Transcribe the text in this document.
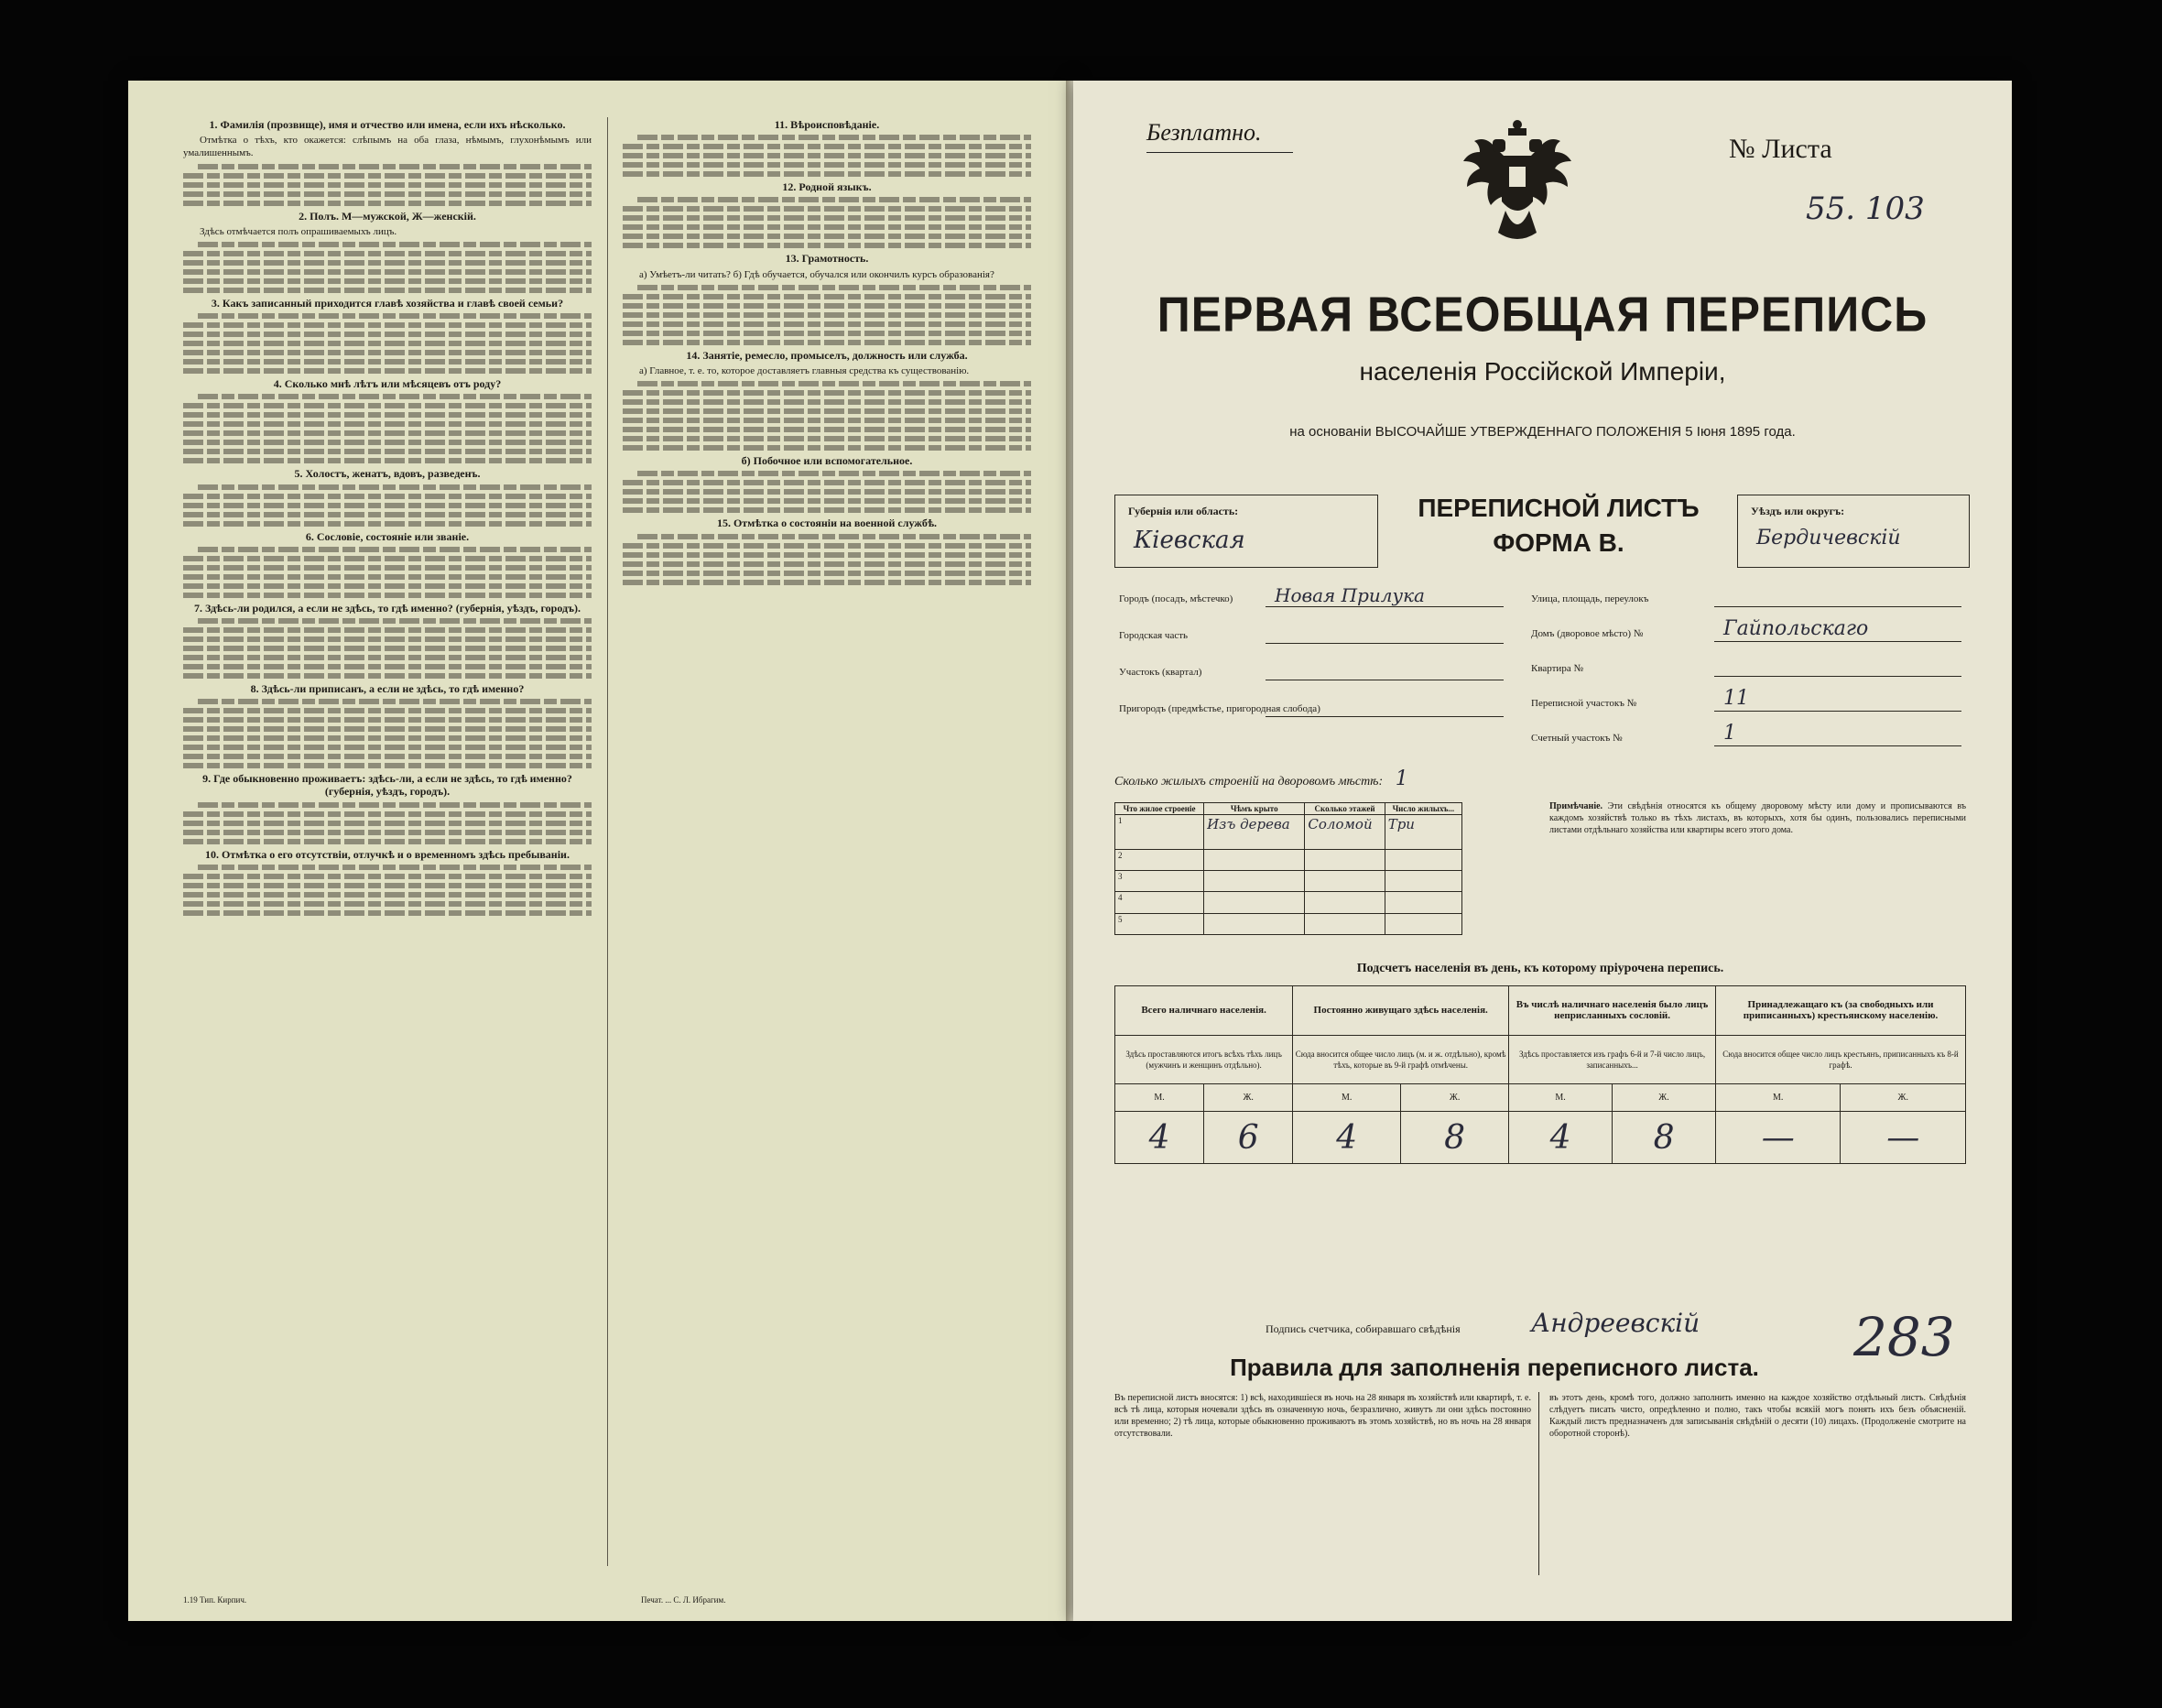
1. Фамилія (прозвище), имя и отчество или имена, если ихъ нѣсколько.
Отмѣтка о тѣхъ, кто окажется: слѣпымъ на оба глаза, нѣмымъ, глухонѣмымъ или умалишеннымъ.
2. Полъ. М—мужской, Ж—женскій.
Здѣсь отмѣчается полъ опрашиваемыхъ лицъ.
3. Какъ записанный приходится главѣ хозяйства и главѣ своей семьи?
4. Сколько мнѣ лѣтъ или мѣсяцевъ отъ роду?
5. Холостъ, женатъ, вдовъ, разведенъ.
6. Сословіе, состояніе или званіе.
7. Здѣсь-ли родился, а если не здѣсь, то гдѣ именно? (губернія, уѣздъ, городъ).
8. Здѣсь-ли приписанъ, а если не здѣсь, то гдѣ именно?
9. Где обыкновенно проживаетъ: здѣсь-ли, а если не здѣсь, то гдѣ именно? (губернія, уѣздъ, городъ).
10. Отмѣтка о его отсутствіи, отлучкѣ и о временномъ здѣсь пребываніи.
11. Вѣроисповѣданіе.
12. Родной языкъ.
13. Грамотность.
а) Умѣетъ-ли читать? б) Гдѣ обучается, обучался или окончилъ курсъ образованія?
14. Занятіе, ремесло, промыселъ, должность или служба.
а) Главное, т. е. то, которое доставляетъ главныя средства къ существованію.
б) Побочное или вспомогательное.
15. Отмѣтка о состояніи на военной службѣ.
1.19 Тип. Кирпич.	Печат. ... С. Л. Ибрагим.
Безплатно.
№ Листа
55. 103
ПЕРВАЯ ВСЕОБЩАЯ ПЕРЕПИСЬ
населенія Россійской Имперіи,
на основаніи ВЫСОЧАЙШЕ УТВЕРЖДЕННАГО ПОЛОЖЕНІЯ 5 Іюня 1895 года.
Губернія или область:
Кіевская
ПЕРЕПИСНОЙ ЛИСТЪ
ФОРМА В.
Уѣздъ или округъ:
Бердичевскій
Сколько жилыхъ строеній на дворовомъ мѣстѣ: 1
Что жилое строеніе	Чѣмъ крыто	Сколько этажей	Число жилыхъ...
1	Изъ дерева	Соломой	Три
2			
3			
4			
5			
Примѣчаніе. Эти свѣдѣнія относятся къ общему дворовому мѣсту или дому и прописываются въ каждомъ хозяйствѣ только въ тѣхъ листахъ, въ которыхъ, хотя бы одинъ, пользовались переписными листами отдѣльнаго хозяйства или квартиры всего этого дома.
Подсчетъ населенія въ день, къ которому пріурочена перепись.
Всего наличнаго населенія.		Постоянно живущаго здѣсь населенія.		Въ числѣ наличнаго населенія было лицъ неприсланныхъ сословій.		Принадлежащаго къ (за свободныхъ или приписанныхъ) крестьянскому населенію.	
Здѣсь проставляются итогъ всѣхъ тѣхъ лицъ (мужчинъ и женщинъ отдѣльно).		Сюда вносится общее число лицъ (м. и ж. отдѣльно), кромѣ тѣхъ, которые въ 9-й графѣ отмѣчены.		Здѣсь проставляется изъ графъ 6-й и 7-й число лицъ, записанныхъ...		Сюда вносится общее число лицъ крестьянъ, приписанныхъ къ 8-й графѣ.	
М.	Ж.	М.	Ж.	М.	Ж.	М.	Ж.
4	6	4	8	4	8	—	—
Подпись счетчика, собиравшаго свѣдѣнія	Андреевскій	283
Правила для заполненія переписного листа.
Въ переписной листъ вносятся: 1) всѣ, находившіеся въ ночь на 28 января въ хозяйствѣ или квартирѣ, т. е. всѣ тѣ лица, которыя ночевали здѣсь въ означенную ночь, безразлично, живутъ ли они здѣсь постоянно или временно; 2) тѣ лица, которые обыкновенно проживаютъ въ этомъ хозяйствѣ, но въ ночь на 28 января отсутствовали.
въ этотъ день, кромѣ того, должно заполнить именно на каждое хозяйство отдѣльный листъ. Свѣдѣнія слѣдуетъ писать чисто, опредѣленно и полно, такъ чтобы всякій могъ понять ихъ безъ объясненій. Каждый листъ предназначенъ для записыванія свѣдѣній о десяти (10) лицахъ. (Продолженіе смотрите на оборотной сторонѣ).
Городъ (посадъ, мѣстечко) Новая Прилука
Городская часть
Участокъ (квартал)
Пригородъ (предмѣстье, пригородная слобода)
Улица, площадь, переулокъ
Домъ (дворовое мѣсто) №	Гайпольскаго
Квартира №
Переписной участокъ №	11
Счетный участокъ №	1
